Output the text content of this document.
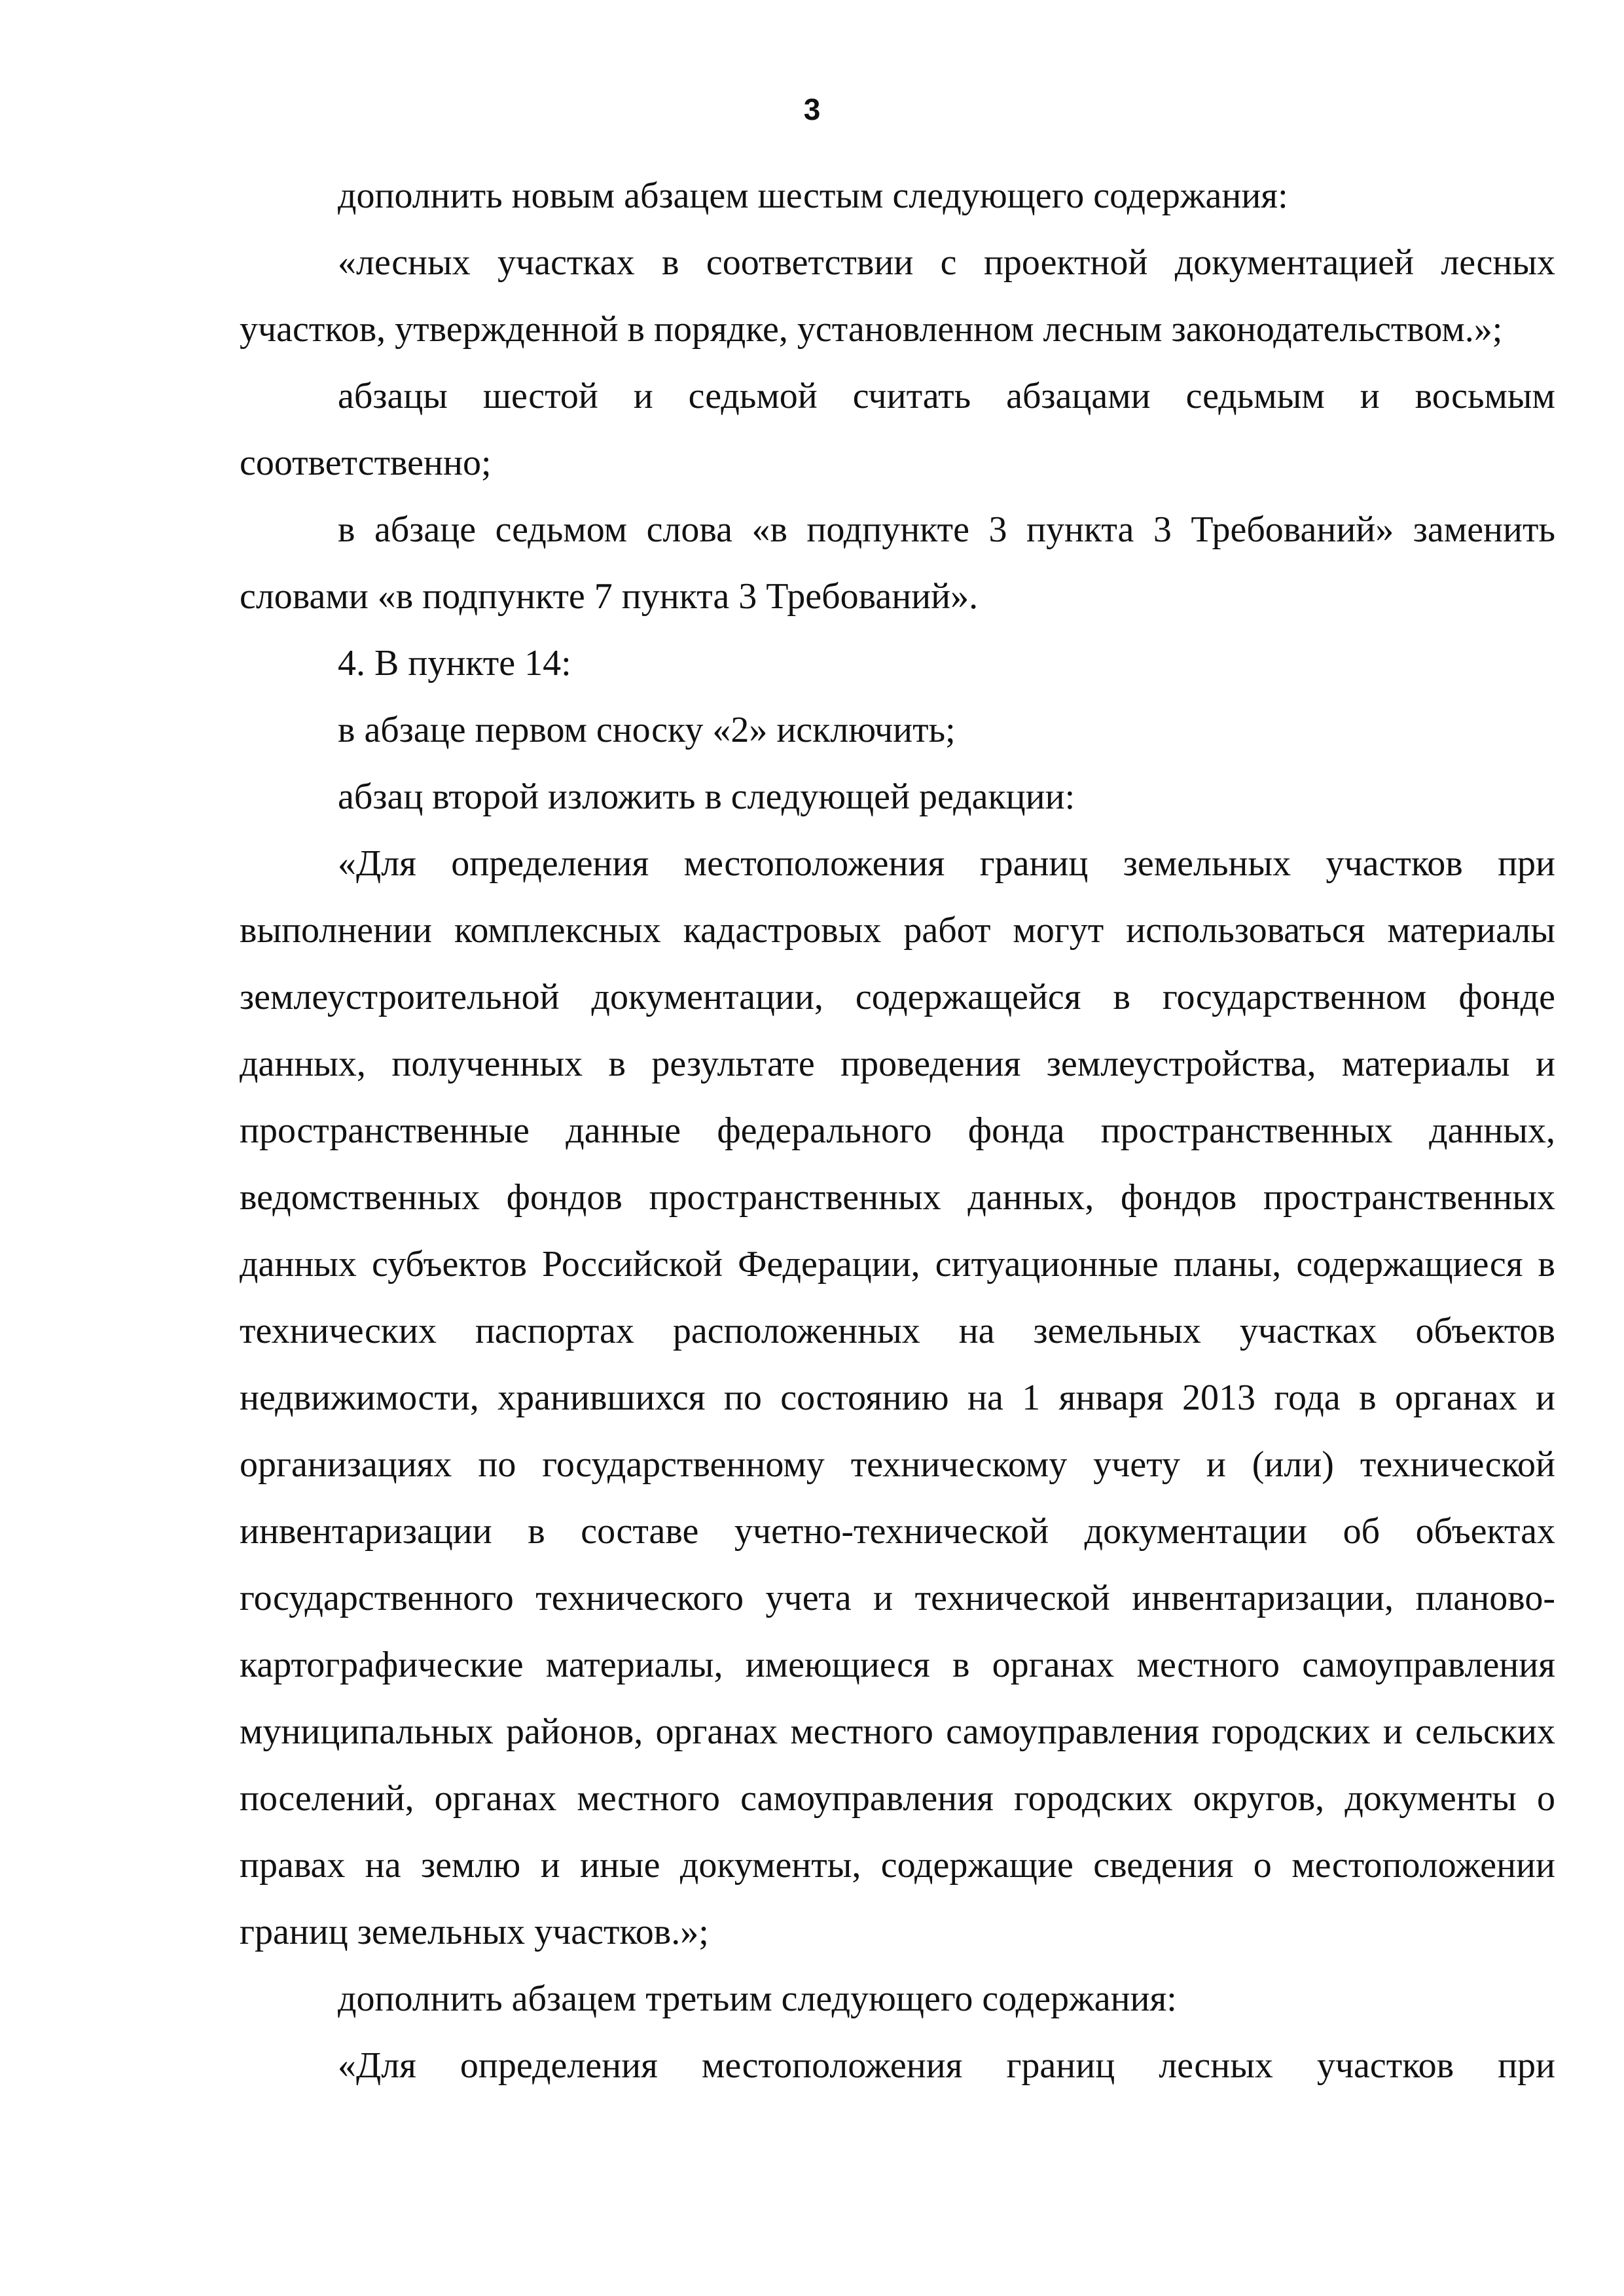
3

дополнить новым абзацем шестым следующего содержания:

«лесных участках в соответствии с проектной документацией лесных участков, утвержденной в порядке, установленном лесным законодательством.»;

абзацы шестой и седьмой считать абзацами седьмым и восьмым соответственно;

в абзаце седьмом слова «в подпункте 3 пункта 3 Требований» заменить словами «в подпункте 7 пункта 3 Требований».

4. В пункте 14:

в абзаце первом сноску «2» исключить;

абзац второй изложить в следующей редакции:

«Для определения местоположения границ земельных участков при выполнении комплексных кадастровых работ могут использоваться материалы землеустроительной документации, содержащейся в государственном фонде данных, полученных в результате проведения землеустройства, материалы и пространственные данные федерального фонда пространственных данных, ведомственных фондов пространственных данных, фондов пространственных данных субъектов Российской Федерации, ситуационные планы, содержащиеся в технических паспортах расположенных на земельных участках объектов недвижимости, хранившихся по состоянию на 1 января 2013 года в органах и организациях по государственному техническому учету и (или) технической инвентаризации в составе учетно-технической документации об объектах государственного технического учета и технической инвентаризации, планово-картографические материалы, имеющиеся в органах местного самоуправления муниципальных районов, органах местного самоуправления городских и сельских поселений, органах местного самоуправления городских округов, документы о правах на землю и иные документы, содержащие сведения о местоположении границ земельных участков.»;

дополнить абзацем третьим следующего содержания:

«Для определения местоположения границ лесных участков при
